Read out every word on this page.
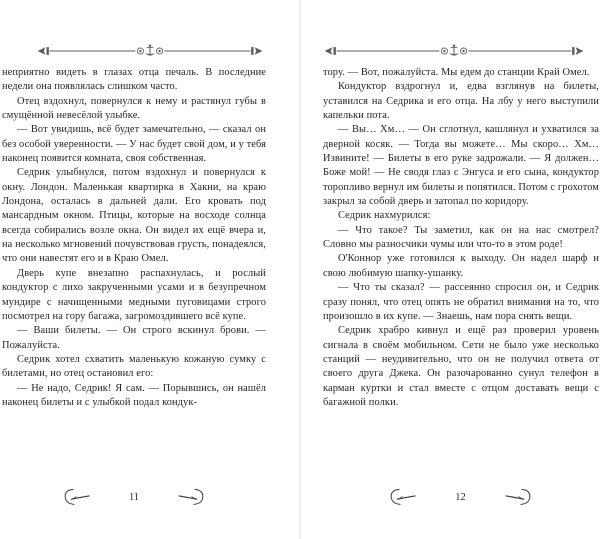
неприятно видеть в глазах отца печаль. В последние недели она появлялась слишком часто.

Отец вздохнул, повернулся к нему и растянул губы в смущённой невесёлой улыбке.

— Вот увидишь, всё будет замечательно, — сказал он без особой уверенности. — У нас будет свой дом, и у тебя наконец появится комната, своя собственная.

Седрик улыбнулся, потом вздохнул и повернулся к окну. Лондон. Маленькая квартирка в Хакни, на краю Лондона, осталась в дальней дали. Его кровать под мансардным окном. Птицы, которые на восходе солнца всегда собирались возле окна. Он видел их ещё вчера и, на несколько мгновений почувствовав грусть, понадеялся, что они навестят его и в Краю Омел.

Дверь купе внезапно распахнулась, и рослый кондуктор с лихо закрученными усами и в безупречном мундире с начищенными медными пуговицами строго посмотрел на гору багажа, загромоздившего всё купе.

— Ваши билеты. — Он строго вскинул брови. — Пожалуйста.

Седрик хотел схватить маленькую кожаную сумку с билетами, но отец остановил его:

— Не надо, Седрик! Я сам. — Порывшись, он нашёл наконец билеты и с улыбкой подал кондук-

11

тору. — Вот, пожалуйста. Мы едем до станции Край Омел.

Кондуктор вздрогнул и, едва взглянув на билеты, уставился на Седрика и его отца. На лбу у него выступили капельки пота.

— Вы… Хм… — Он сглотнул, кашлянул и ухватился за дверной косяк. — Тогда вы можете… Мы скоро… Хм… Извините! — Билеты в его руке задрожали. — Я должен… Боже мой! — Не сводя глаз с Энгуса и его сына, кондуктор торопливо вернул им билеты и попятился. Потом с грохотом закрыл за собой дверь и затопал по коридору.

Седрик нахмурился:

— Что такое? Ты заметил, как он на нас смотрел? Словно мы разносчики чумы или что-то в этом роде!

О'Коннор уже готовился к выходу. Он надел шарф и свою любимую шапку-ушанку.

— Что ты сказал? — рассеянно спросил он, и Седрик сразу понял, что отец опять не обратил внимания на то, что произошло в их купе. — Знаешь, нам пора снять вещи.

Седрик храбро кивнул и ещё раз проверил уровень сигнала в своём мобильном. Сети не было уже несколько станций — неудивительно, что он не получил ответа от своего друга Джека. Он разочарованно сунул телефон в карман куртки и стал вместе с отцом доставать вещи с багажной полки.

12
